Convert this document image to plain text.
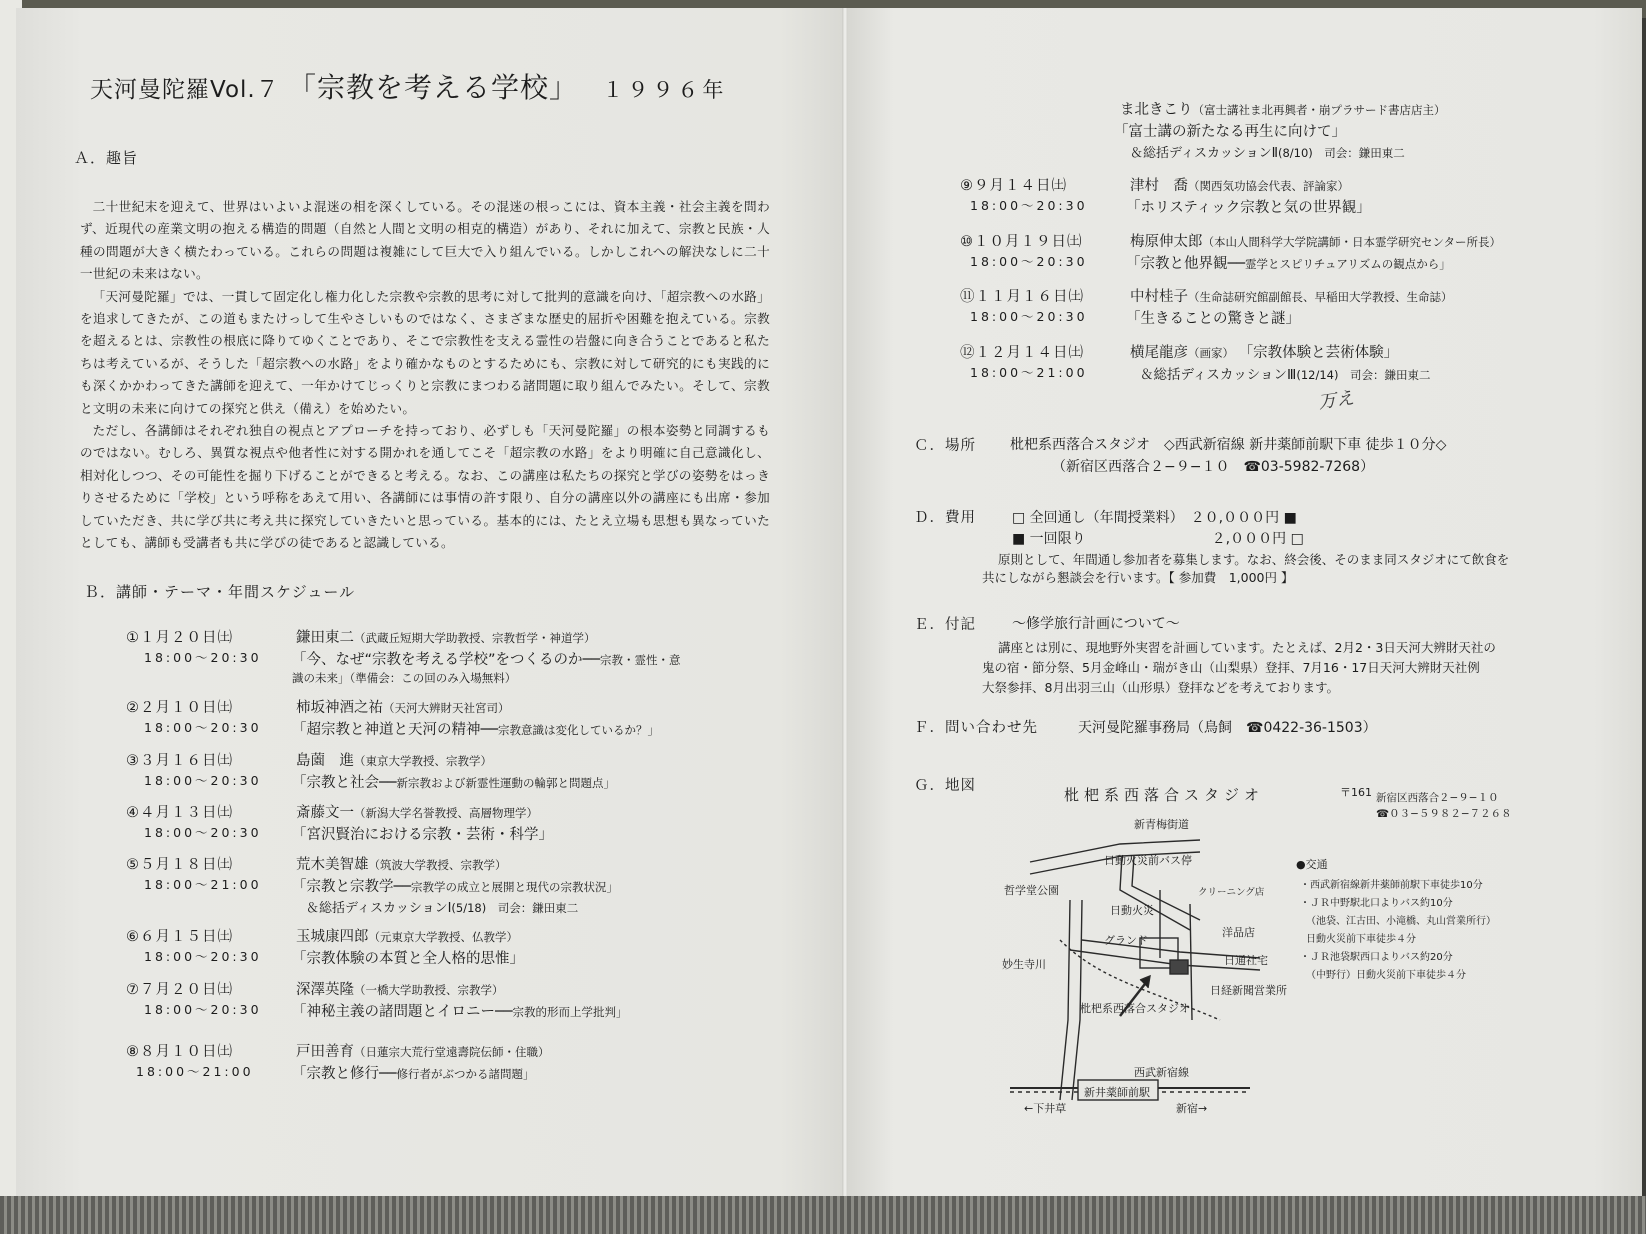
天河曼陀羅Vol.７ 「宗教を考える学校」 １９９６年
Ａ．趣旨

二十世紀末を迎えて、世界はいよいよ混迷の相を深くしている。その混迷の根っこには、資本主義・社会主義を問わず、近現代の産業文明の抱える構造的問題（自然と人間と文明の相克的構造）があり、それに加えて、宗教と民族・人種の問題が大きく横たわっている。これらの問題は複雑にして巨大で入り組んでいる。しかしこれへの解決なしに二十一世紀の未来はない。

「天河曼陀羅」では、一貫して固定化し権力化した宗教や宗教的思考に対して批判的意識を向け、「超宗教への水路」を追求してきたが、この道もまたけっして生やさしいものではなく、さまざまな歴史的屈折や困難を抱えている。宗教を超えるとは、宗教性の根底に降りてゆくことであり、そこで宗教性を支える霊性の岩盤に向き合うことであると私たちは考えているが、そうした「超宗教への水路」をより確かなものとするためにも、宗教に対して研究的にも実践的にも深くかかわってきた講師を迎えて、一年かけてじっくりと宗教にまつわる諸問題に取り組んでみたい。そして、宗教と文明の未来に向けての探究と供え（備え）を始めたい。

ただし、各講師はそれぞれ独自の視点とアプローチを持っており、必ずしも「天河曼陀羅」の根本姿勢と同調するものではない。むしろ、異質な視点や他者性に対する開かれを通してこそ「超宗教の水路」をより明確に自己意識化し、相対化しつつ、その可能性を掘り下げることができると考える。なお、この講座は私たちの探究と学びの姿勢をはっきりさせるために「学校」という呼称をあえて用い、各講師には事情の許す限り、自分の講座以外の講座にも出席・参加していただき、共に学び共に考え共に探究していきたいと思っている。基本的には、たとえ立場も思想も異なっていたとしても、講師も受講者も共に学びの徒であると認識している。

Ｂ．講師・テーマ・年間スケジュール
①１月２０日㈯
18:00〜20:30
鎌田東二（武蔵丘短期大学助教授、宗教哲学・神道学）
「今、なぜ“宗教を考える学校”をつくるのか──宗教・霊性・意
識の未来」（準備会：この回のみ入場無料）
②２月１０日㈯
18:00〜20:30
柿坂神酒之祐（天河大辨財天社宮司）
「超宗教と神道と天河の精神──宗教意識は変化しているか？」
③３月１６日㈯
18:00〜20:30
島薗　進（東京大学教授、宗教学）
「宗教と社会──新宗教および新霊性運動の輪郭と問題点」
④４月１３日㈯
18:00〜20:30
斎藤文一（新潟大学名誉教授、高層物理学）
「宮沢賢治における宗教・芸術・科学」
⑤５月１８日㈯
18:00〜21:00
荒木美智雄（筑波大学教授、宗教学）
「宗教と宗教学──宗教学の成立と展開と現代の宗教状況」
＆総括ディスカッションⅠ(5/18)　司会：鎌田東二
⑥６月１５日㈯
18:00〜20:30
玉城康四郎（元東京大学教授、仏教学）
「宗教体験の本質と全人格的思惟」
⑦７月２０日㈯
18:00〜20:30
深澤英隆（一橋大学助教授、宗教学）
「神秘主義の諸問題とイロニー──宗教的形而上学批判」
⑧８月１０日㈯
18:00〜21:00
戸田善育（日蓮宗大荒行堂遠壽院伝師・住職）
「宗教と修行──修行者がぶつかる諸問題」
ま北きこり（富士講社ま北再興者・崩プラサード書店店主）
「富士講の新たなる再生に向けて」
＆総括ディスカッションⅡ(8/10)　司会：鎌田東二
⑨９月１４日㈯
18:00〜20:30
津村　喬（関西気功協会代表、評論家）
「ホリスティック宗教と気の世界観」
⑩１０月１９日㈯
18:00〜20:30
梅原伸太郎（本山人間科学大学院講師・日本霊学研究センター所長）
「宗教と他界観──霊学とスピリチュアリズムの観点から」
⑪１１月１６日㈯
18:00〜20:30
中村桂子（生命誌研究館副館長、早稲田大学教授、生命誌）
「生きることの驚きと謎」
⑫１２月１４日㈯
18:00〜21:00
横尾龍彦（画家） 「宗教体験と芸術体験」
＆総括ディスカッションⅢ(12/14)　司会：鎌田東二
万え
Ｃ．場所 枇杷系西落合スタジオ　◇西武新宿線 新井薬師前駅下車 徒歩１０分◇
（新宿区西落合２−９−１０　☎03-5982-7268）
Ｄ．費用	□ 全回通し（年間授業料）　２０,０００円 ■
■ 一回限り　　　　　　　　　２,０００円 □
原則として、年間通し参加者を募集します。なお、終会後、そのまま同スタジオにて飲食を
共にしながら懇談会を行います。【 参加費　1,000円 】
Ｅ．付記	〜修学旅行計画について〜
講座とは別に、現地野外実習を計画しています。たとえば、2月2・3日天河大辨財天社の
鬼の宿・節分祭、5月金峰山・瑞がき山（山梨県）登拝、7月16・17日天河大辨財天社例
大祭参拝、8月出羽三山（山形県）登拝などを考えております。
Ｆ．問い合わせ先	天河曼陀羅事務局（鳥飼　☎0422-36-1503）
Ｇ．地図	枇杷系西落合スタジオ	〒161 新宿区西落合２−９−１０
☎０３−５９８２−７２６８
新青梅街道
日動火災前バス停
クリーニング店
哲学堂公園
日動火災
グランド
洋品店
日通社宅
妙生寺川
日経新聞営業所
枇杷系西落合スタジオ
西武新宿線
新井薬師前駅
←下井草	新宿→
●交通
・西武新宿線新井薬師前駅下車徒歩10分
・ＪＲ中野駅北口よりバス約10分
（池袋、江古田、小滝橋、丸山営業所行）
日動火災前下車徒歩４分
・ＪＲ池袋駅西口よりバス約20分
（中野行）日動火災前下車徒歩４分
